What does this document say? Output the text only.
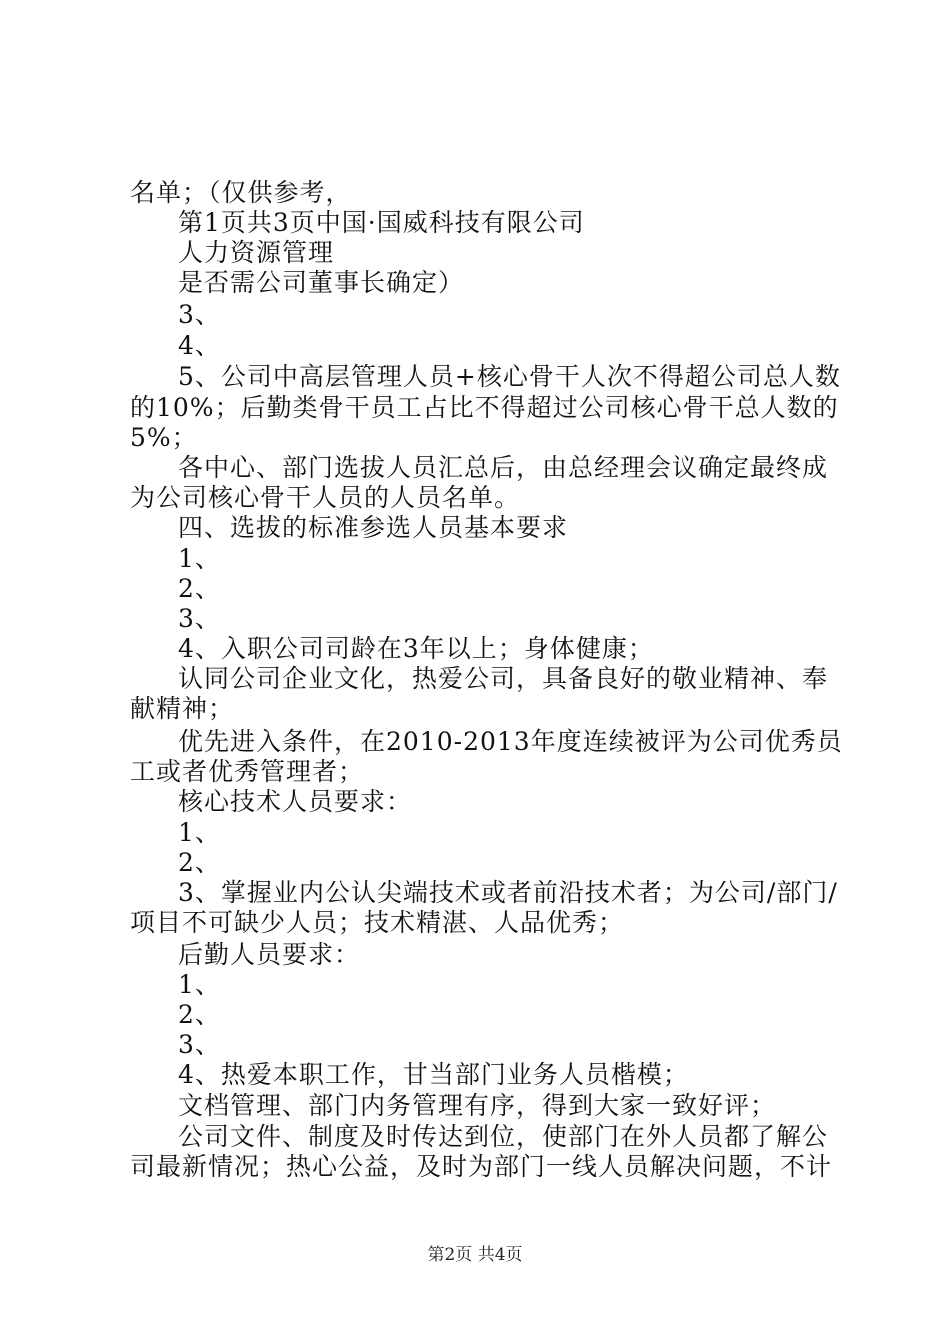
名单；（仅供参考，
第1页共3页中国·国威科技有限公司
人力资源管理
是否需公司董事长确定）
3、
4、
5、公司中高层管理人员+核心骨干人次不得超公司总人数
的10%；后勤类骨干员工占比不得超过公司核心骨干总人数的
5%；
各中心、部门选拔人员汇总后，由总经理会议确定最终成
为公司核心骨干人员的人员名单。
四、选拔的标准参选人员基本要求
1、
2、
3、
4、入职公司司龄在3年以上；身体健康；
认同公司企业文化，热爱公司，具备良好的敬业精神、奉
献精神；
优先进入条件，在2010-2013年度连续被评为公司优秀员
工或者优秀管理者；
核心技术人员要求：
1、
2、
3、掌握业内公认尖端技术或者前沿技术者；为公司/部门/
项目不可缺少人员；技术精湛、人品优秀；
后勤人员要求：
1、
2、
3、
4、热爱本职工作，甘当部门业务人员楷模；
文档管理、部门内务管理有序，得到大家一致好评；
公司文件、制度及时传达到位，使部门在外人员都了解公
司最新情况；热心公益，及时为部门一线人员解决问题，不计
第2页 共4页
